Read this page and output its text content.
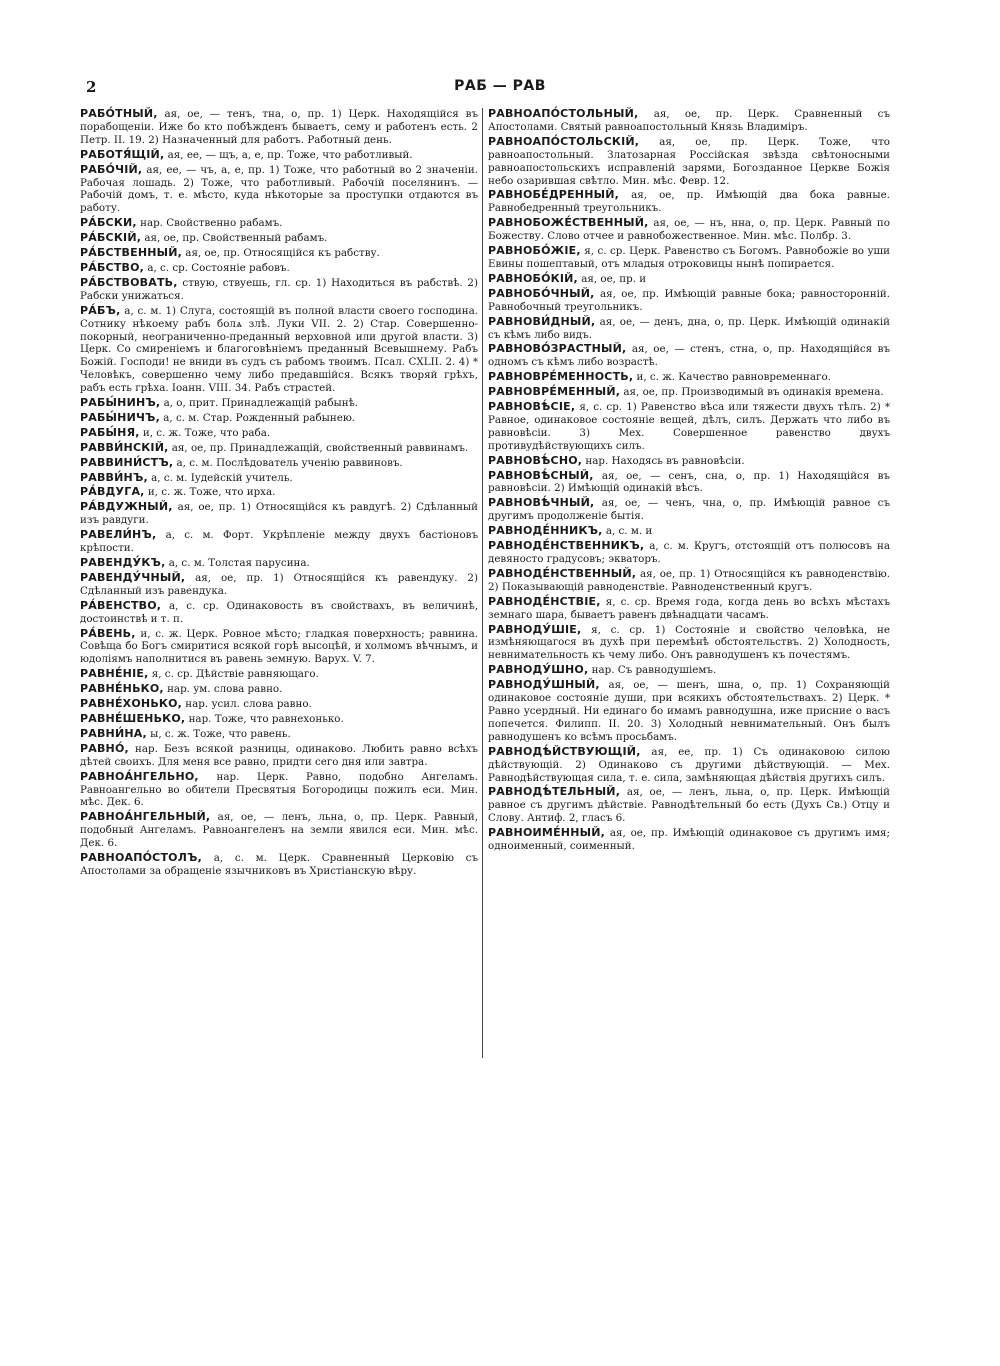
2	РАБ — РАВ

РАБО́ТНЫЙ, ая, ое, — тенъ, тна, о, пр. 1) Церк. Находящійся въ порабощеніи. Иже бо кто побѣжденъ бываетъ, сему и работенъ есть. 2 Петр. II. 19. 2) Назначенный для работъ. Работный день.

РАБОТЯ́ЩІЙ, ая, ее, — щъ, а, е, пр. Тоже, что работливый.

РАБО́ЧІЙ, ая, ее, — чъ, а, е, пр. 1) Тоже, что работный во 2 значеніи. Рабочая лошадь. 2) Тоже, что работливый. Рабочій поселянинъ. — Рабочій домъ, т. е. мѣсто, куда нѣкоторые за проступки отдаются въ работу.

РА́БСКИ, нар. Свойственно рабамъ.

РА́БСКІЙ, ая, ое, пр. Свойственный рабамъ.

РА́БСТВЕННЫЙ, ая, ое, пр. Относящійся къ рабству.

РА́БСТВО, а, с. ср. Состояніе рабовъ.

РА́БСТВОВАТЬ, ствую, ствуешь, гл. ср. 1) Находиться въ рабствѣ. 2) Рабски унижаться.

РА́БЪ, а, с. м. 1) Слуга, состоящій въ полной власти своего господина. Сотнику нѣкоему рабъ болѧ злѣ. Луки VII. 2. 2) Стар. Совершенно-покорный, неограниченно-преданный верховной или другой власти. 3) Церк. Со смиреніемъ и благоговѣніемъ преданный Всевышнему. Рабъ Божій. Господи! не вниди въ судъ съ рабомъ твоимъ. Псал. CXLII. 2. 4) * Человѣкъ, совершенно чему либо предавшійся. Всякъ творяй грѣхъ, рабъ есть грѣха. Іоанн. VIII. 34. Рабъ страстей.

РАБЫ́НИНЪ, а, о, прит. Принадлежащій рабынѣ.

РАБЫ́НИЧЪ, а, с. м. Стар. Рожденный рабынею.

РАБЫ́НЯ, и, с. ж. Тоже, что раба.

РАВВИ́НСКІЙ, ая, ое, пр. Принадлежащій, свойственный раввинамъ.

РАВВИНИ́СТЪ, а, с. м. Послѣдователь ученію раввиновъ.

РАВВИ́НЪ, а, с. м. Іудейскій учитель.

РА́ВДУГА, и, с. ж. Тоже, что ирха.

РА́ВДУЖНЫЙ, ая, ое, пр. 1) Относящійся къ равдугѣ. 2) Сдѣланный изъ равдуги.

РАВЕЛИ́НЪ, а, с. м. Форт. Укрѣпленіе между двухъ бастіоновъ крѣпости.

РАВЕНДУ́КЪ, а, с. м. Толстая парусина.

РАВЕНДУ́ЧНЫЙ, ая, ое, пр. 1) Относящійся къ равендуку. 2) Сдѣланный изъ равендука.

РА́ВЕНСТВО, а, с. ср. Одинаковость въ свойствахъ, въ величинѣ, достоинствѣ и т. п.

РА́ВЕНЬ, и, с. ж. Церк. Ровное мѣсто; гладкая поверхность; равнина. Совѣща бо Богъ смиритися всякой горѣ высоцѣй, и холмомъ вѣчнымъ, и юдолiямъ наполнитися въ равень земную. Варух. V. 7.

РАВНЕ́НІЕ, я, с. ср. Дѣйствіе равняющаго.

РАВНЕ́НЬКО, нар. ум. слова равно.

РАВНЕ́ХОНЬКО, нар. усил. слова равно.

РАВНЕ́ШЕНЬКО, нар. Тоже, что равнехонько.

РАВНИ́НА, ы, с. ж. Тоже, что равень.

РАВНО́, нар. Безъ всякой разницы, одинаково. Любить равно всѣхъ дѣтей своихъ. Для меня все равно, придти сего дня или завтра.

РАВНОА́НГЕЛЬНО, нар. Церк. Равно, подобно Ангеламъ. Равноангельно во обители Пресвятыя Богородицы пожилъ еси. Мин. мѣс. Дек. 6.

РАВНОА́НГЕЛЬНЫЙ, ая, ое, — ленъ, льна, о, пр. Церк. Равный, подобный Ангеламъ. Равноангеленъ на земли явился еси. Мин. мѣс. Дек. 6.

РАВНОАПО́СТОЛЪ, а, с. м. Церк. Сравненный Церковію съ Апостолами за обращеніе язычниковъ въ Христіанскую вѣру.

РАВНОАПО́СТОЛЬНЫЙ, ая, ое, пр. Церк. Сравненный съ Апостолами. Святый равноапостольный Князь Владиміръ.

РАВНОАПО́СТОЛЬСКІЙ, ая, ое, пр. Церк. Тоже, что равноапостольный. Златозарная Россійская звѣзда свѣтоносными равноапостольскихъ исправленій зарями, Богозданное Церкве Божія небо озарившая свѣтло. Мин. мѣс. Февр. 12.

РАВНОБЕ́ДРЕННЫЙ, ая, ое, пр. Имѣющій два бока равные. Равнобедренный треугольникъ.

РАВНОБОЖЕ́СТВЕННЫЙ, ая, ое, — нъ, нна, о, пр. Церк. Равный по Божеству. Слово отчее и равнобожественное. Мин. мѣс. Полбр. 3.

РАВНОБО́ЖІЕ, я, с. ср. Церк. Равенство съ Богомъ. Равнобожіе во уши Евины пошептавый, отъ младыя отроковицы нынѣ попирается.

РАВНОБО́КІЙ, ая, ое, пр. и

РАВНОБО́ЧНЫЙ, ая, ое, пр. Имѣющій равные бока; равносторонній. Равнобочный треугольникъ.

РАВНОВИ́ДНЫЙ, ая, ое, — денъ, дна, о, пр. Церк. Имѣющій одинакій съ кѣмъ либо видъ.

РАВНОВО́ЗРАСТНЫЙ, ая, ое, — стенъ, стна, о, пр. Находящійся въ одномъ съ кѣмъ либо возрастѣ.

РАВНОВРЕ́МЕННОСТЬ, и, с. ж. Качество равновременнаго.

РАВНОВРЕ́МЕННЫЙ, ая, ое, пр. Производимый въ одинакія времена.

РАВНОВѢ́СІЕ, я, с. ср. 1) Равенство вѣса или тяжести двухъ тѣлъ. 2) * Равное, одинаковое состояніе вещей, дѣлъ, силъ. Держать что либо въ равновѣсіи. 3) Мех. Совершенное равенство двухъ противудѣйствующихъ силъ.

РАВНОВѢ́СНО, нар. Находясь въ равновѣсіи.

РАВНОВѢ́СНЫЙ, ая, ое, — сенъ, сна, о, пр. 1) Находящійся въ равновѣсіи. 2) Имѣющій одинакій вѣсъ.

РАВНОВѢ́ЧНЫЙ, ая, ое, — ченъ, чна, о, пр. Имѣющій равное съ другимъ продолженіе бытія.

РАВНОДЕ́ННИКЪ, а, с. м. и

РАВНОДЕ́НСТВЕННИКЪ, а, с. м. Кругъ, отстоящій отъ полюсовъ на девяносто градусовъ; экваторъ.

РАВНОДЕ́НСТВЕННЫЙ, ая, ое, пр. 1) Относящійся къ равноденствію. 2) Показывающій равноденствіе. Равноденственный кругъ.

РАВНОДЕ́НСТВІЕ, я, с. ср. Время года, когда день во всѣхъ мѣстахъ земнаго шара, бываетъ равенъ двѣнадцати часамъ.

РАВНОДУ́ШІЕ, я, с. ср. 1) Состояніе и свойство человѣка, не измѣняющагося въ духѣ при перемѣнѣ обстоятельствъ. 2) Холодность, невнимательность къ чему либо. Онъ равнодушенъ къ почестямъ.

РАВНОДУ́ШНО, нар. Съ равнодушіемъ.

РАВНОДУ́ШНЫЙ, ая, ое, — шенъ, шна, о, пр. 1) Сохраняющій одинаковое состояніе души, при всякихъ обстоятельствахъ. 2) Церк. * Равно усердный. Ни единаго бо имамъ равнодушна, иже присние о васъ попечется. Филипп. II. 20. 3) Холодный невнимательный. Онъ былъ равнодушенъ ко всѣмъ просьбамъ.

РАВНОДѢ́ЙСТВУЮЩІЙ, ая, ее, пр. 1) Съ одинаковою силою дѣйствующій. 2) Одинаково съ другими дѣйствующій. — Мех. Равнодѣйствующая сила, т. е. сила, замѣняющая дѣйствія другихъ силъ.

РАВНОДѢ́ТЕЛЬНЫЙ, ая, ое, — ленъ, льна, о, пр. Церк. Имѣющій равное съ другимъ дѣйствіе. Равнодѣтельный бо есть (Духъ Св.) Отцу и Слову. Антиф. 2, гласъ 6.

РАВНОИМЕ́ННЫЙ, ая, ое, пр. Имѣющій одинаковое съ другимъ имя; одноименный, соименный.
